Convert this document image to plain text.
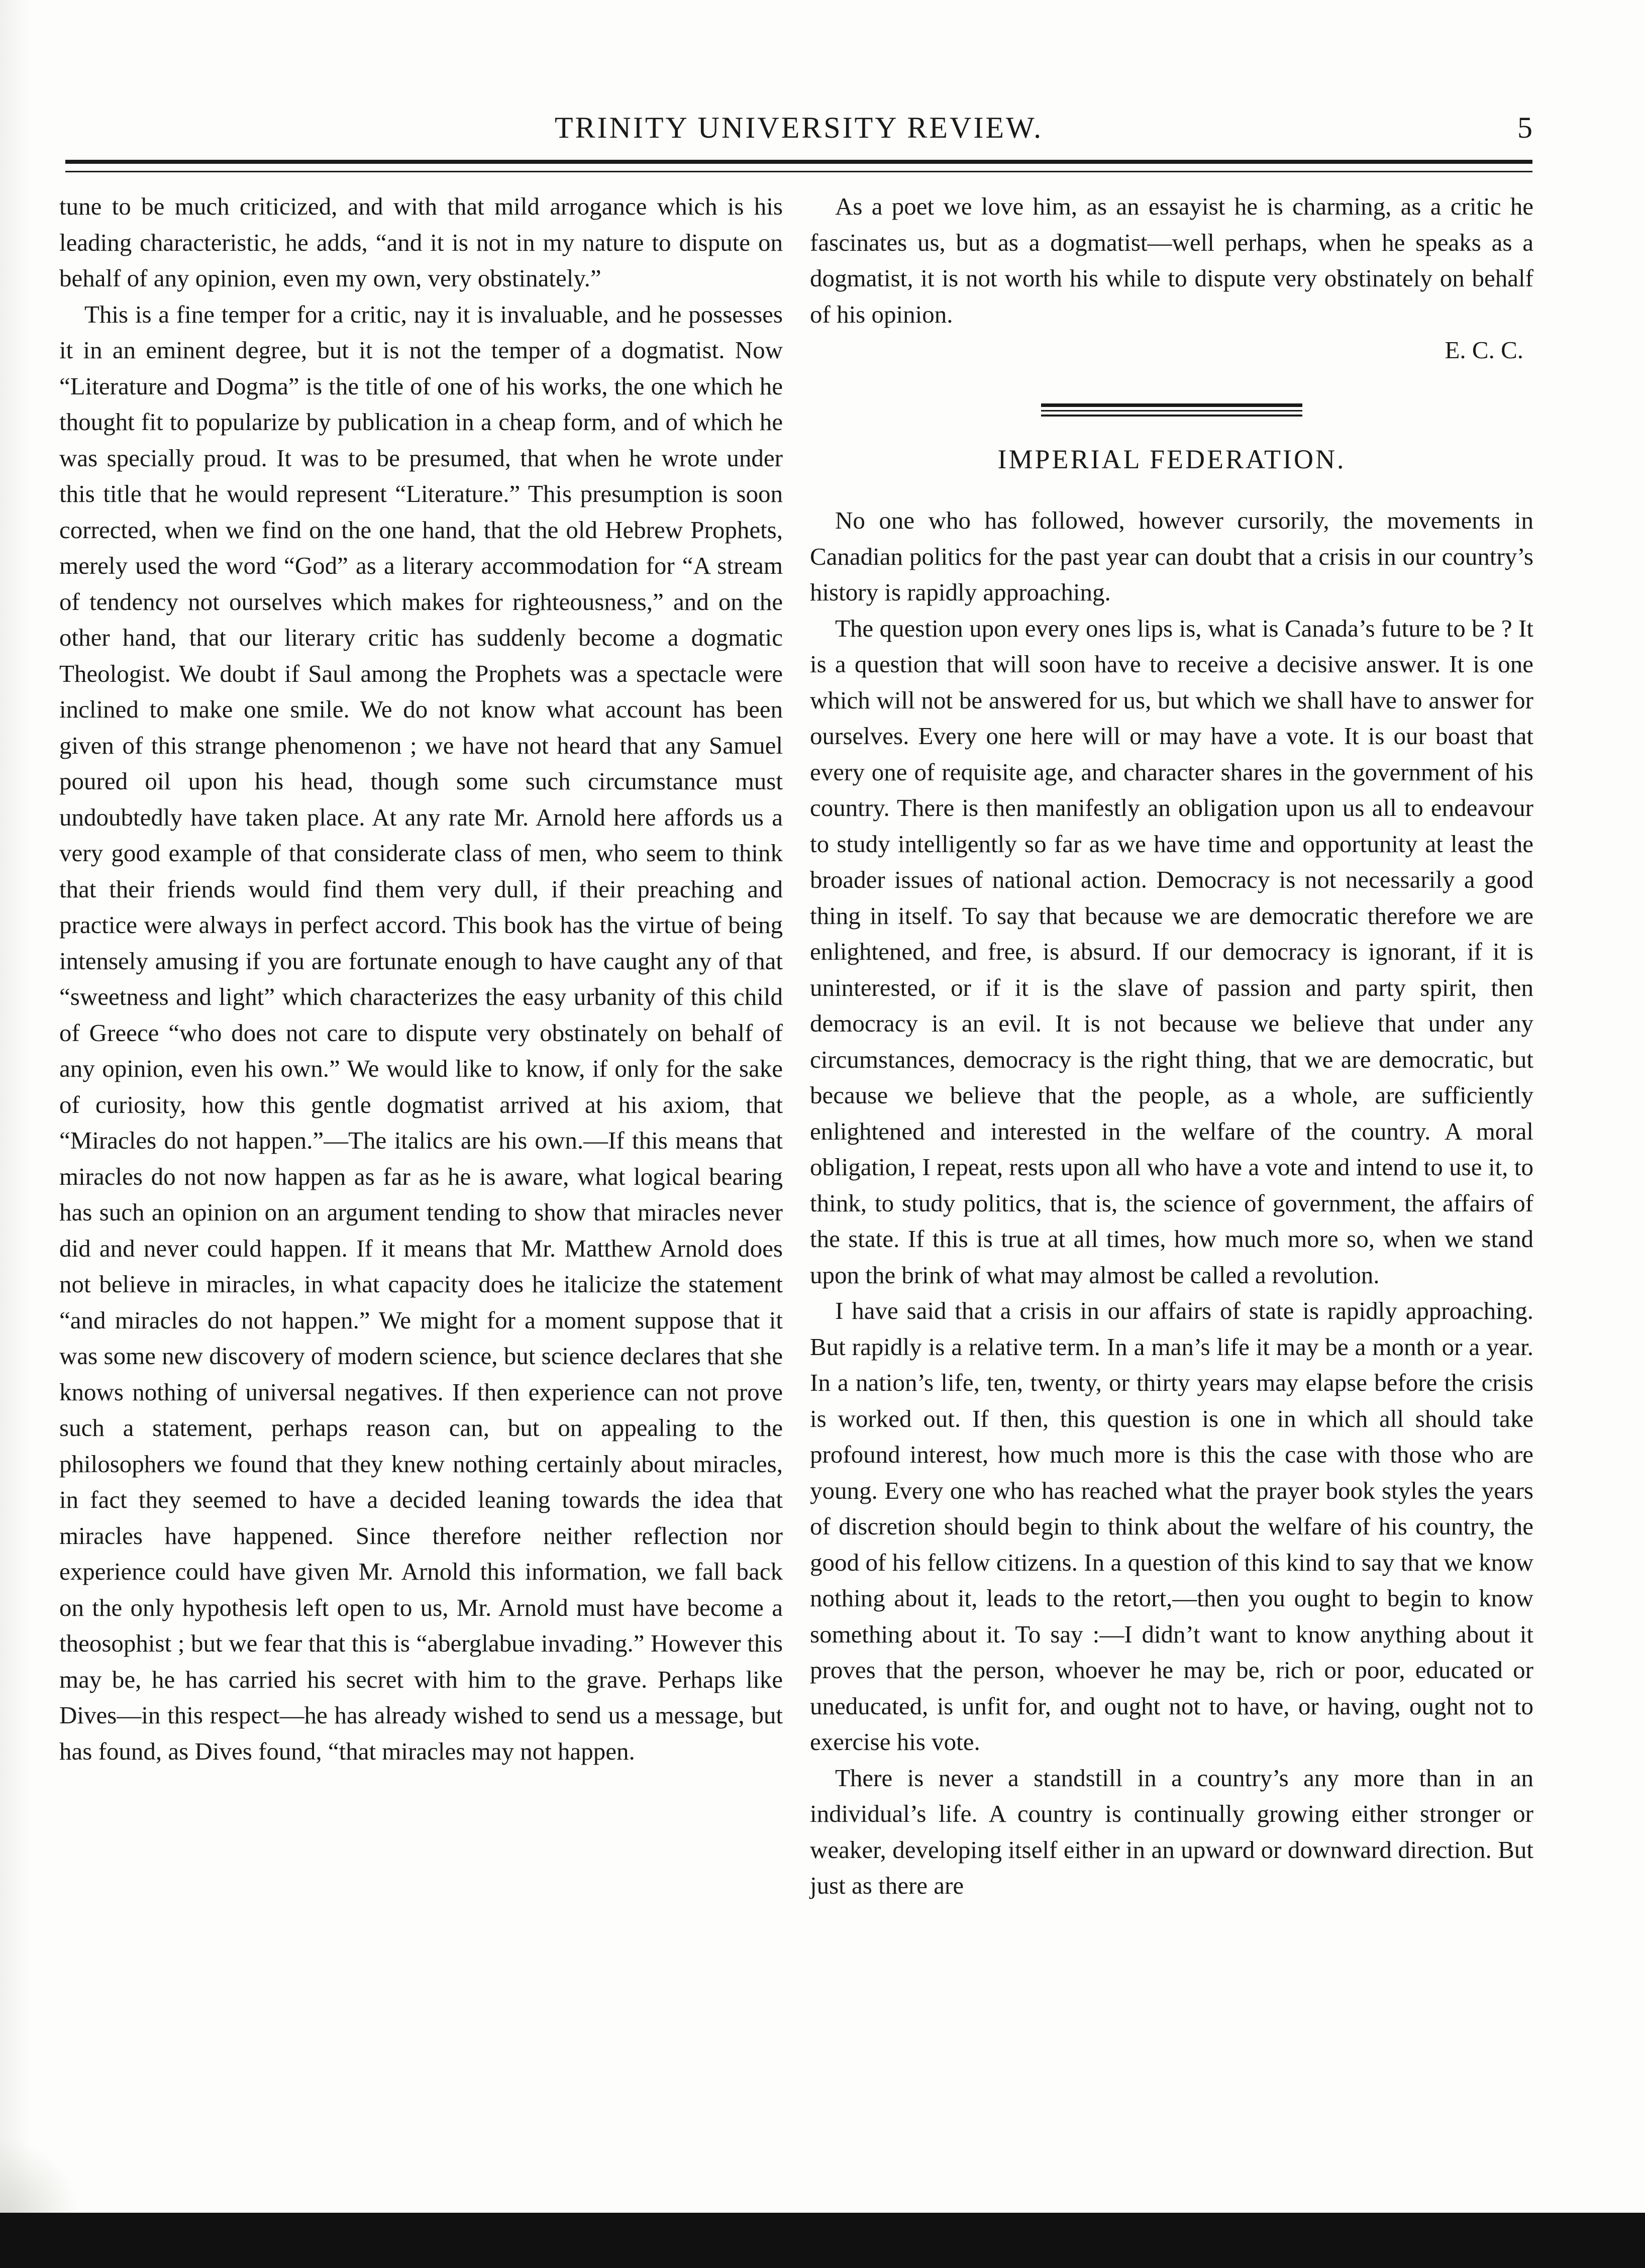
TRINITY UNIVERSITY REVIEW.	5

tune to be much criticized, and with that mild arrogance which is his leading characteristic, he adds, “and it is not in my nature to dispute on behalf of any opinion, even my own, very obstinately.”

This is a fine temper for a critic, nay it is invaluable, and he possesses it in an eminent degree, but it is not the temper of a dogmatist. Now “Literature and Dogma” is the title of one of his works, the one which he thought fit to popularize by publication in a cheap form, and of which he was specially proud. It was to be presumed, that when he wrote under this title that he would represent “Literature.” This presumption is soon corrected, when we find on the one hand, that the old Hebrew Prophets, merely used the word “God” as a literary accommodation for “A stream of tendency not ourselves which makes for righteousness,” and on the other hand, that our literary critic has suddenly become a dogmatic Theologist. We doubt if Saul among the Prophets was a spectacle were inclined to make one smile. We do not know what account has been given of this strange phenomenon ; we have not heard that any Samuel poured oil upon his head, though some such circumstance must undoubtedly have taken place. At any rate Mr. Arnold here affords us a very good example of that considerate class of men, who seem to think that their friends would find them very dull, if their preaching and practice were always in perfect accord. This book has the virtue of being intensely amusing if you are fortunate enough to have caught any of that “sweetness and light” which characterizes the easy urbanity of this child of Greece “who does not care to dispute very obstinately on behalf of any opinion, even his own.” We would like to know, if only for the sake of curiosity, how this gentle dogmatist arrived at his axiom, that “Miracles do not happen.”—The italics are his own.—If this means that miracles do not now happen as far as he is aware, what logical bearing has such an opinion on an argument tending to show that miracles never did and never could happen. If it means that Mr. Matthew Arnold does not believe in miracles, in what capacity does he italicize the statement “and miracles do not happen.” We might for a moment suppose that it was some new discovery of modern science, but science declares that she knows nothing of universal negatives. If then experience can not prove such a statement, perhaps reason can, but on appealing to the philosophers we found that they knew nothing certainly about miracles, in fact they seemed to have a decided leaning towards the idea that miracles have happened. Since therefore neither reflection nor experience could have given Mr. Arnold this information, we fall back on the only hypothesis left open to us, Mr. Arnold must have become a theosophist ; but we fear that this is “aberglabue invading.” However this may be, he has carried his secret with him to the grave. Perhaps like Dives—in this respect—he has already wished to send us a message, but has found, as Dives found, “that miracles may not happen.

As a poet we love him, as an essayist he is charming, as a critic he fascinates us, but as a dogmatist—well perhaps, when he speaks as a dogmatist, it is not worth his while to dispute very obstinately on behalf of his opinion.

E. C. C.

IMPERIAL FEDERATION.

No one who has followed, however cursorily, the movements in Canadian politics for the past year can doubt that a crisis in our country’s history is rapidly approaching.

The question upon every ones lips is, what is Canada’s future to be ? It is a question that will soon have to receive a decisive answer. It is one which will not be answered for us, but which we shall have to answer for ourselves. Every one here will or may have a vote. It is our boast that every one of requisite age, and character shares in the government of his country. There is then manifestly an obligation upon us all to endeavour to study intelligently so far as we have time and opportunity at least the broader issues of national action. Democracy is not necessarily a good thing in itself. To say that because we are democratic therefore we are enlightened, and free, is absurd. If our democracy is ignorant, if it is uninterested, or if it is the slave of passion and party spirit, then democracy is an evil. It is not because we believe that under any circumstances, democracy is the right thing, that we are democratic, but because we believe that the people, as a whole, are sufficiently enlightened and interested in the welfare of the country. A moral obligation, I repeat, rests upon all who have a vote and intend to use it, to think, to study politics, that is, the science of government, the affairs of the state. If this is true at all times, how much more so, when we stand upon the brink of what may almost be called a revolution.

I have said that a crisis in our affairs of state is rapidly approaching. But rapidly is a relative term. In a man’s life it may be a month or a year. In a nation’s life, ten, twenty, or thirty years may elapse before the crisis is worked out. If then, this question is one in which all should take profound interest, how much more is this the case with those who are young. Every one who has reached what the prayer book styles the years of discretion should begin to think about the welfare of his country, the good of his fellow citizens. In a question of this kind to say that we know nothing about it, leads to the retort,—then you ought to begin to know something about it. To say :—I didn’t want to know anything about it proves that the person, whoever he may be, rich or poor, educated or uneducated, is unfit for, and ought not to have, or having, ought not to exercise his vote.

There is never a standstill in a country’s any more than in an individual’s life. A country is continually growing either stronger or weaker, developing itself either in an upward or downward direction. But just as there are
